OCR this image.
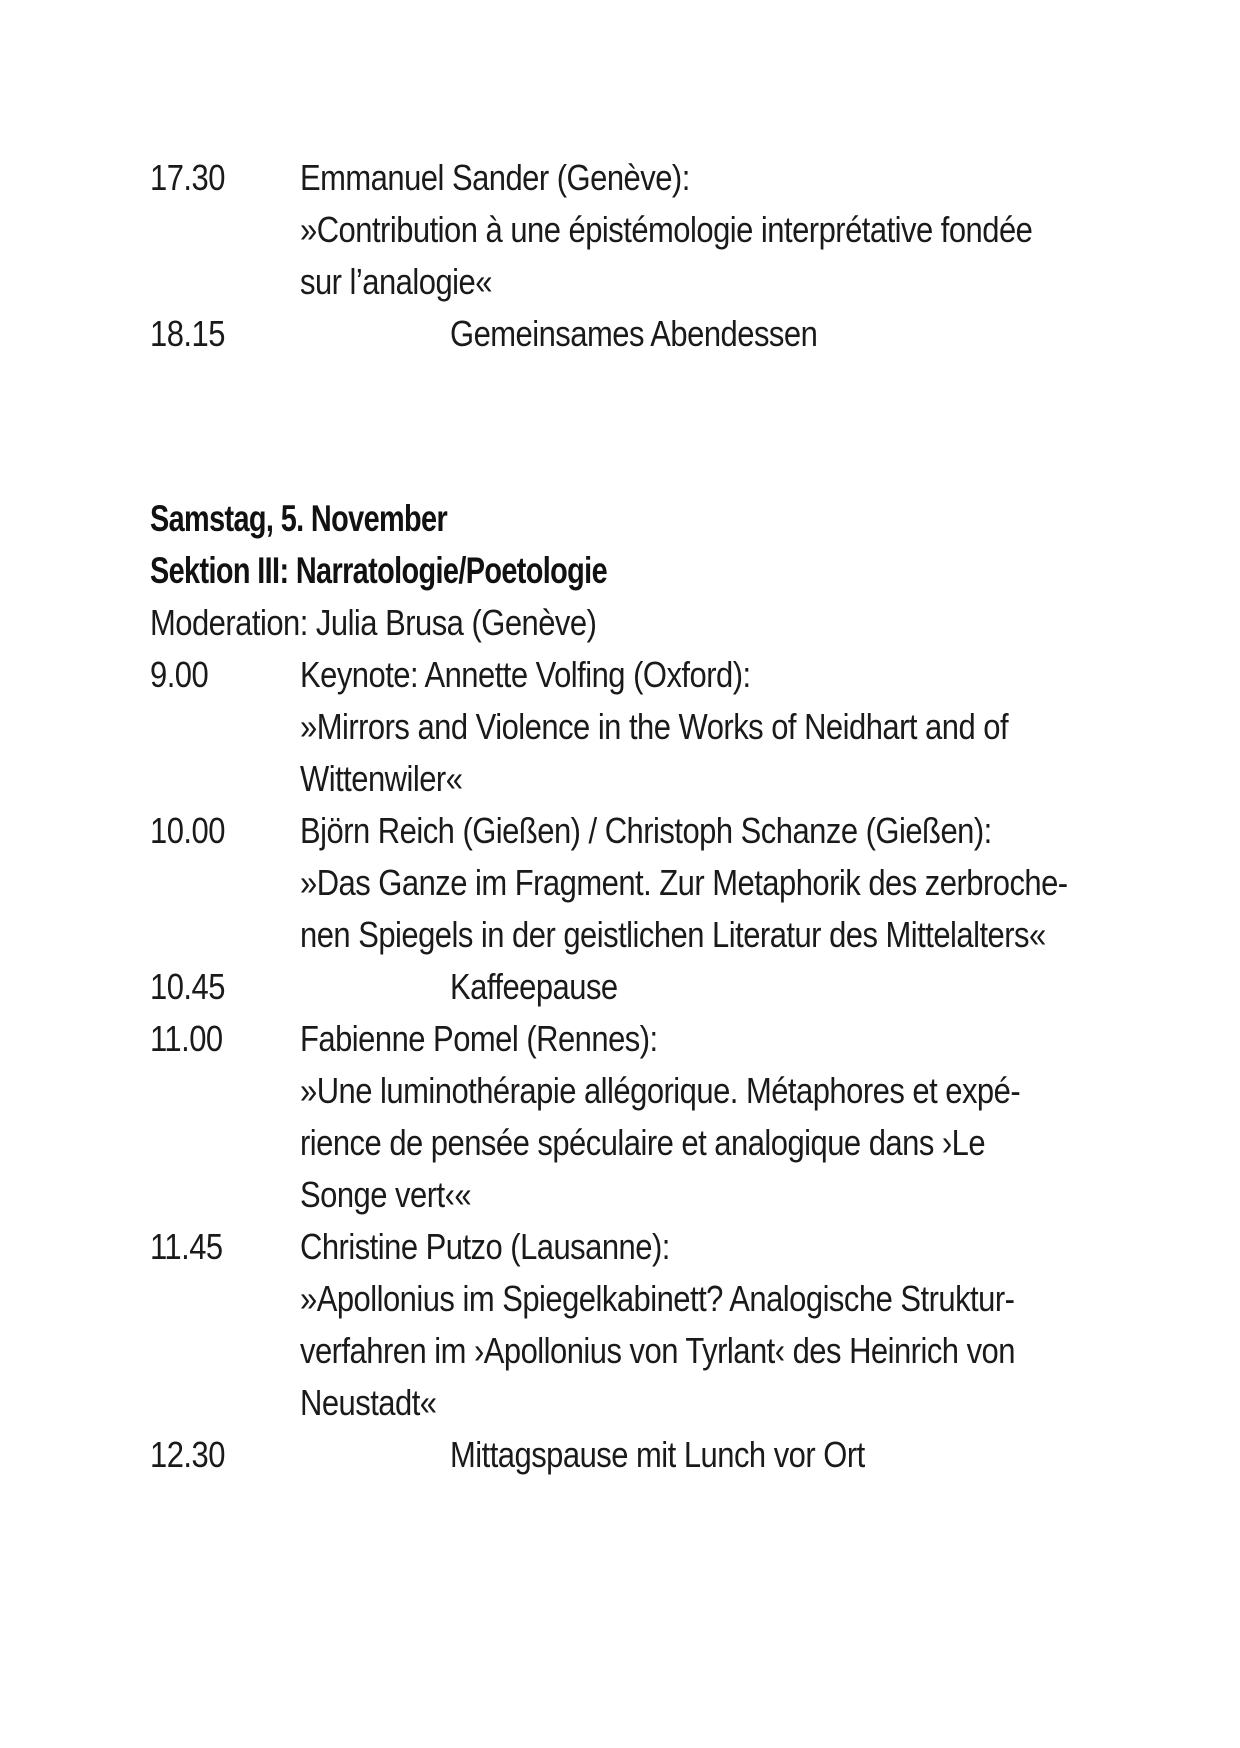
17.30 Emmanuel Sander (Genève):
»Contribution à une épistémologie interprétative fondée
sur l’analogie«
18.15	Gemeinsames Abendessen
Samstag, 5. November
Sektion III: Narratologie/Poetologie
Moderation: Julia Brusa (Genève)
9.00	Keynote: Annette Volfing (Oxford):
»Mirrors and Violence in the Works of Neidhart and of
Wittenwiler«
10.00 Björn Reich (Gießen) / Christoph Schanze (Gießen):
»Das Ganze im Fragment. Zur Metaphorik des zerbroche-
nen Spiegels in der geistlichen Literatur des Mittelalters«
10.45	Kaffeepause
11.00 Fabienne Pomel (Rennes):
»Une luminothérapie allégorique. Métaphores et expé-
rience de pensée spéculaire et analogique dans ›Le
Songe vert‹«
11.45 Christine Putzo (Lausanne):
»Apollonius im Spiegelkabinett? Analogische Struktur-
verfahren im ›Apollonius von Tyrlant‹ des Heinrich von
Neustadt«
12.30	Mittagspause mit Lunch vor Ort
